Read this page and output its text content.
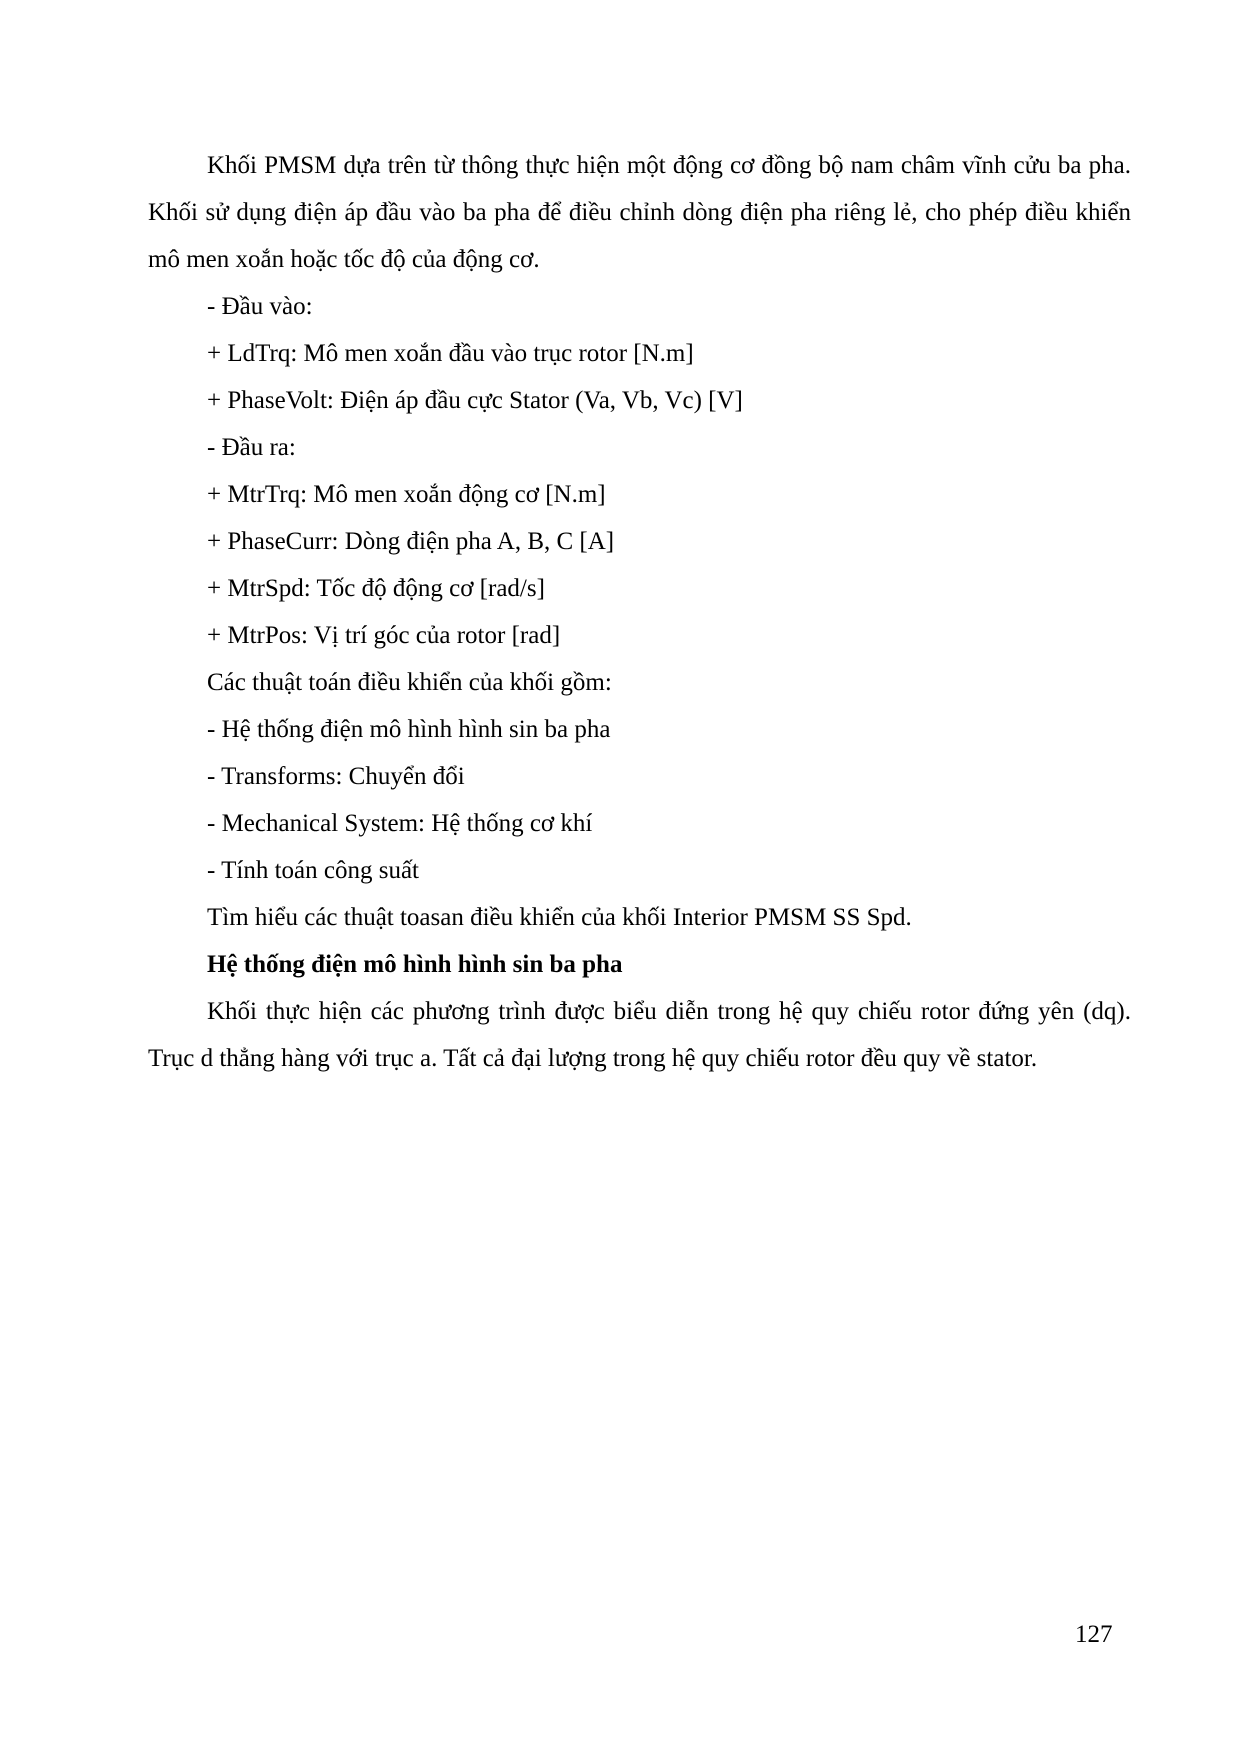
Khối PMSM dựa trên từ thông thực hiện một động cơ đồng bộ nam châm vĩnh cửu ba pha. Khối sử dụng điện áp đầu vào ba pha để điều chỉnh dòng điện pha riêng lẻ, cho phép điều khiển mô men xoắn hoặc tốc độ của động cơ.

- Đầu vào:

+ LdTrq: Mô men xoắn đầu vào trục rotor [N.m]

+ PhaseVolt: Điện áp đầu cực Stator (Va, Vb, Vc) [V]

- Đầu ra:

+ MtrTrq: Mô men xoắn động cơ [N.m]

+ PhaseCurr: Dòng điện pha A, B, C [A]

+ MtrSpd: Tốc độ động cơ [rad/s]

+ MtrPos: Vị trí góc của rotor [rad]

Các thuật toán điều khiển của khối gồm:

- Hệ thống điện mô hình hình sin ba pha

- Transforms: Chuyển đổi

- Mechanical System: Hệ thống cơ khí

- Tính toán công suất

Tìm hiểu các thuật toasan điều khiển của khối Interior PMSM SS Spd.

Hệ thống điện mô hình hình sin ba pha

Khối thực hiện các phương trình được biểu diễn trong hệ quy chiếu rotor đứng yên (dq). Trục d thẳng hàng với trục a. Tất cả đại lượng trong hệ quy chiếu rotor đều quy về stator.

127
